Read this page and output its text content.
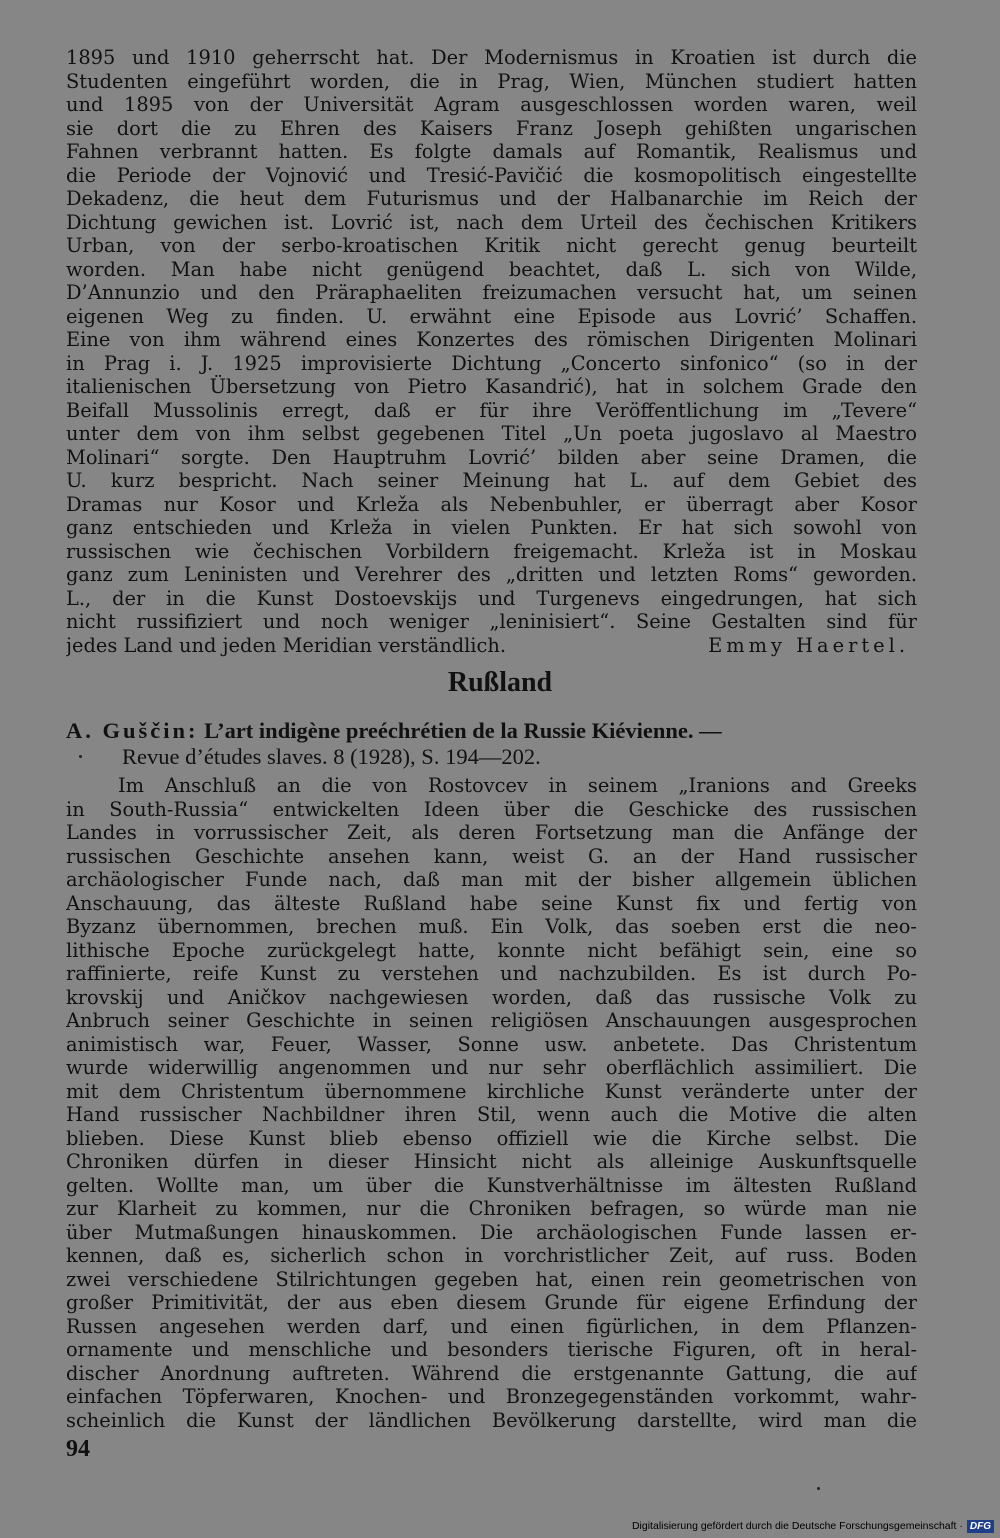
1895 und 1910 geherrscht hat. Der Modernismus in Kroatien ist durch die
Studenten eingeführt worden, die in Prag, Wien, München studiert hatten
und 1895 von der Universität Agram ausgeschlossen worden waren, weil
sie dort die zu Ehren des Kaisers Franz Joseph gehißten ungarischen
Fahnen verbrannt hatten. Es folgte damals auf Romantik, Realismus und
die Periode der Vojnović und Tresić-Pavičić die kosmopolitisch eingestellte
Dekadenz, die heut dem Futurismus und der Halbanarchie im Reich der
Dichtung gewichen ist. Lovrić ist, nach dem Urteil des čechischen Kritikers
Urban, von der serbo-kroatischen Kritik nicht gerecht genug beurteilt
worden. Man habe nicht genügend beachtet, daß L. sich von Wilde,
D’Annunzio und den Präraphaeliten freizumachen versucht hat, um seinen
eigenen Weg zu finden. U. erwähnt eine Episode aus Lovrić’ Schaffen.
Eine von ihm während eines Konzertes des römischen Dirigenten Molinari
in Prag i. J. 1925 improvisierte Dichtung „Concerto sinfonico“ (so in der
italienischen Übersetzung von Pietro Kasandrić), hat in solchem Grade den
Beifall Mussolinis erregt, daß er für ihre Veröffentlichung im „Tevere“
unter dem von ihm selbst gegebenen Titel „Un poeta jugoslavo al Maestro
Molinari“ sorgte. Den Hauptruhm Lovrić’ bilden aber seine Dramen, die
U. kurz bespricht. Nach seiner Meinung hat L. auf dem Gebiet des
Dramas nur Kosor und Krleža als Nebenbuhler, er überragt aber Kosor
ganz entschieden und Krleža in vielen Punkten. Er hat sich sowohl von
russischen wie čechischen Vorbildern freigemacht. Krleža ist in Moskau
ganz zum Leninisten und Verehrer des „dritten und letzten Roms“ geworden.
L., der in die Kunst Dostoevskijs und Turgenevs eingedrungen, hat sich
nicht russifiziert und noch weniger „leninisiert“. Seine Gestalten sind für
jedes Land und jeden Meridian verständlich.	Emmy Haertel.
Rußland
A. Guščin: L’art indigène preéchrétien de la Russie Kiévienne. —
Revue d’études slaves. 8 (1928), S. 194—202.
Im Anschluß an die von Rostovcev in seinem „Iranions and Greeks
in South-Russia“ entwickelten Ideen über die Geschicke des russischen
Landes in vorrussischer Zeit, als deren Fortsetzung man die Anfänge der
russischen Geschichte ansehen kann, weist G. an der Hand russischer
archäologischer Funde nach, daß man mit der bisher allgemein üblichen
Anschauung, das älteste Rußland habe seine Kunst fix und fertig von
Byzanz übernommen, brechen muß. Ein Volk, das soeben erst die neo-
lithische Epoche zurückgelegt hatte, konnte nicht befähigt sein, eine so
raffinierte, reife Kunst zu verstehen und nachzubilden. Es ist durch Po-
krovskij und Aničkov nachgewiesen worden, daß das russische Volk zu
Anbruch seiner Geschichte in seinen religiösen Anschauungen ausgesprochen
animistisch war, Feuer, Wasser, Sonne usw. anbetete. Das Christentum
wurde widerwillig angenommen und nur sehr oberflächlich assimiliert. Die
mit dem Christentum übernommene kirchliche Kunst veränderte unter der
Hand russischer Nachbildner ihren Stil, wenn auch die Motive die alten
blieben. Diese Kunst blieb ebenso offiziell wie die Kirche selbst. Die
Chroniken dürfen in dieser Hinsicht nicht als alleinige Auskunftsquelle
gelten. Wollte man, um über die Kunstverhältnisse im ältesten Rußland
zur Klarheit zu kommen, nur die Chroniken befragen, so würde man nie
über Mutmaßungen hinauskommen. Die archäologischen Funde lassen er-
kennen, daß es, sicherlich schon in vorchristlicher Zeit, auf russ. Boden
zwei verschiedene Stilrichtungen gegeben hat, einen rein geometrischen von
großer Primitivität, der aus eben diesem Grunde für eigene Erfindung der
Russen angesehen werden darf, und einen figürlichen, in dem Pflanzen-
ornamente und menschliche und besonders tierische Figuren, oft in heral-
discher Anordnung auftreten. Während die erstgenannte Gattung, die auf
einfachen Töpferwaren, Knochen- und Bronzegegenständen vorkommt, wahr-
scheinlich die Kunst der ländlichen Bevölkerung darstellte, wird man die
94
Digitalisierung gefördert durch die Deutsche Forschungsgemeinschaft · DFG
